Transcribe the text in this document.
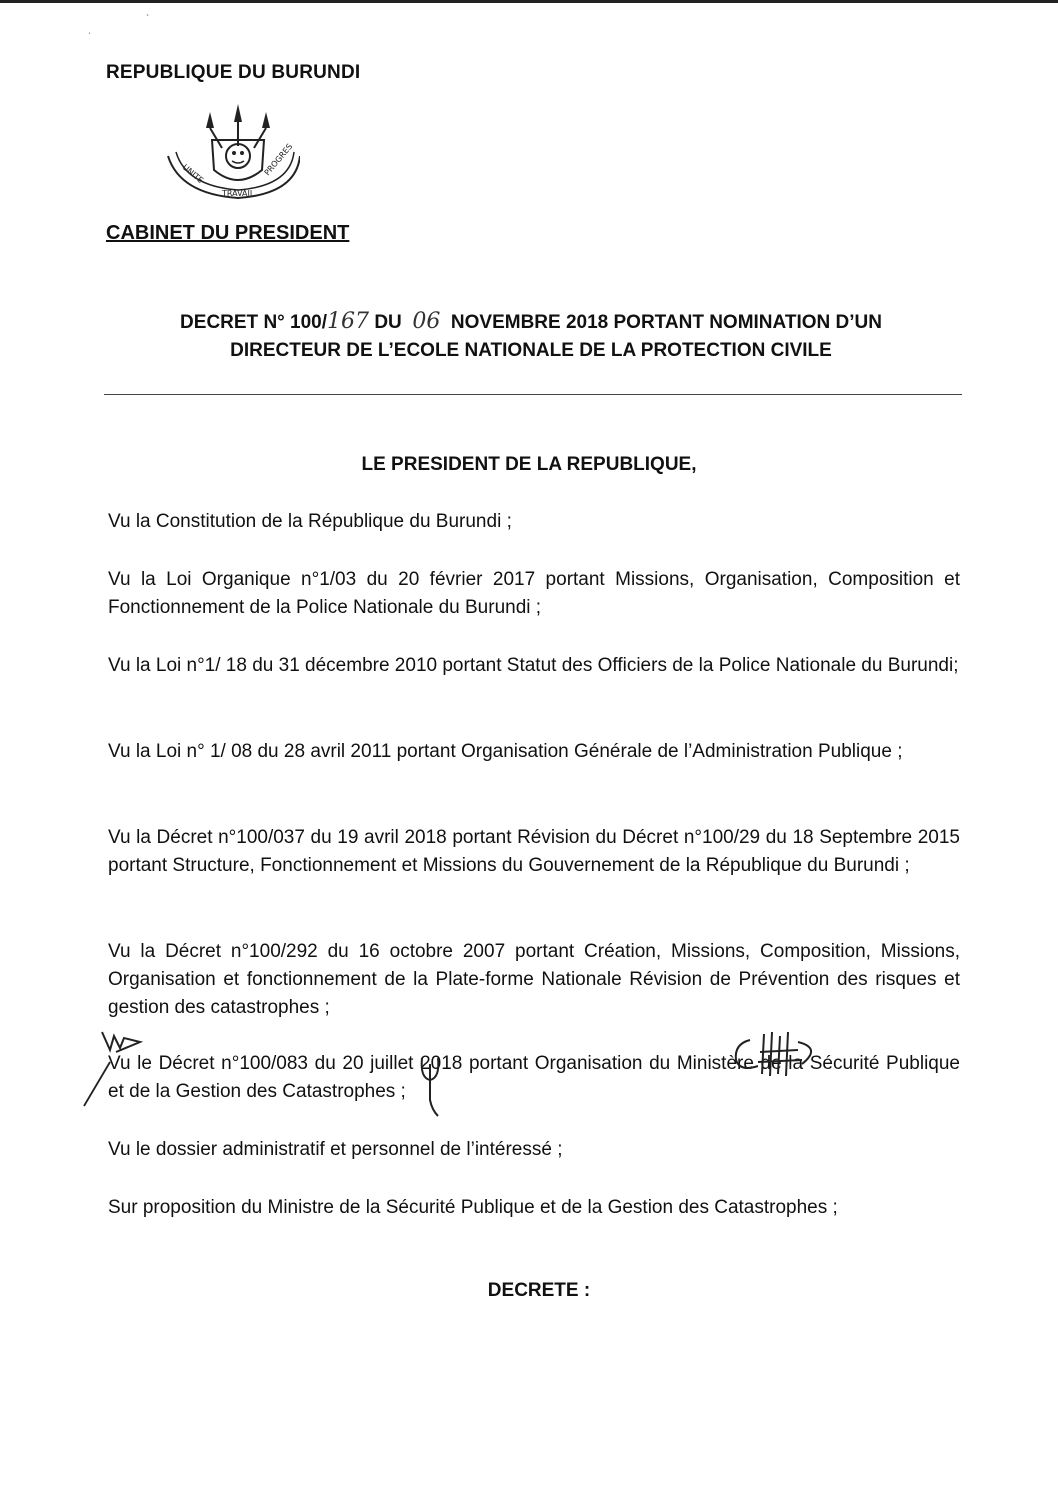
ˌ
ˋ
REPUBLIQUE DU BURUNDI
UNITE
TRAVAIL
PROGRES
CABINET DU PRESIDENT
DECRET N° 100/167 DU 06 NOVEMBRE 2018 PORTANT NOMINATION D’UN
DIRECTEUR DE L’ECOLE NATIONALE DE LA PROTECTION CIVILE
LE PRESIDENT DE LA REPUBLIQUE,

Vu la Constitution de la République du Burundi ;

Vu la Loi Organique n°1/03 du 20 février 2017 portant Missions, Organisation, Composition et Fonctionnement de la Police Nationale du Burundi ;

Vu la Loi n°1/ 18 du 31 décembre 2010 portant Statut des Officiers de la Police Nationale du Burundi;

Vu la Loi n° 1/ 08 du 28 avril 2011 portant Organisation Générale de l’Administration Publique ;

Vu la Décret n°100/037 du 19 avril 2018 portant Révision du Décret n°100/29 du 18 Septembre 2015 portant Structure, Fonctionnement et Missions du Gouvernement de la République du Burundi ;

Vu la Décret n°100/292 du 16 octobre 2007 portant Création, Missions, Composition, Missions, Organisation et fonctionnement de la Plate-forme Nationale Révision de Prévention des risques et gestion des catastrophes ;

Vu le Décret n°100/083 du 20 juillet 2018 portant Organisation du Ministère de la Sécurité Publique et de la Gestion des Catastrophes ;

Vu le dossier administratif et personnel de l’intéressé ;

Sur proposition du Ministre de la Sécurité Publique et de la Gestion des Catastrophes ;

DECRETE :
